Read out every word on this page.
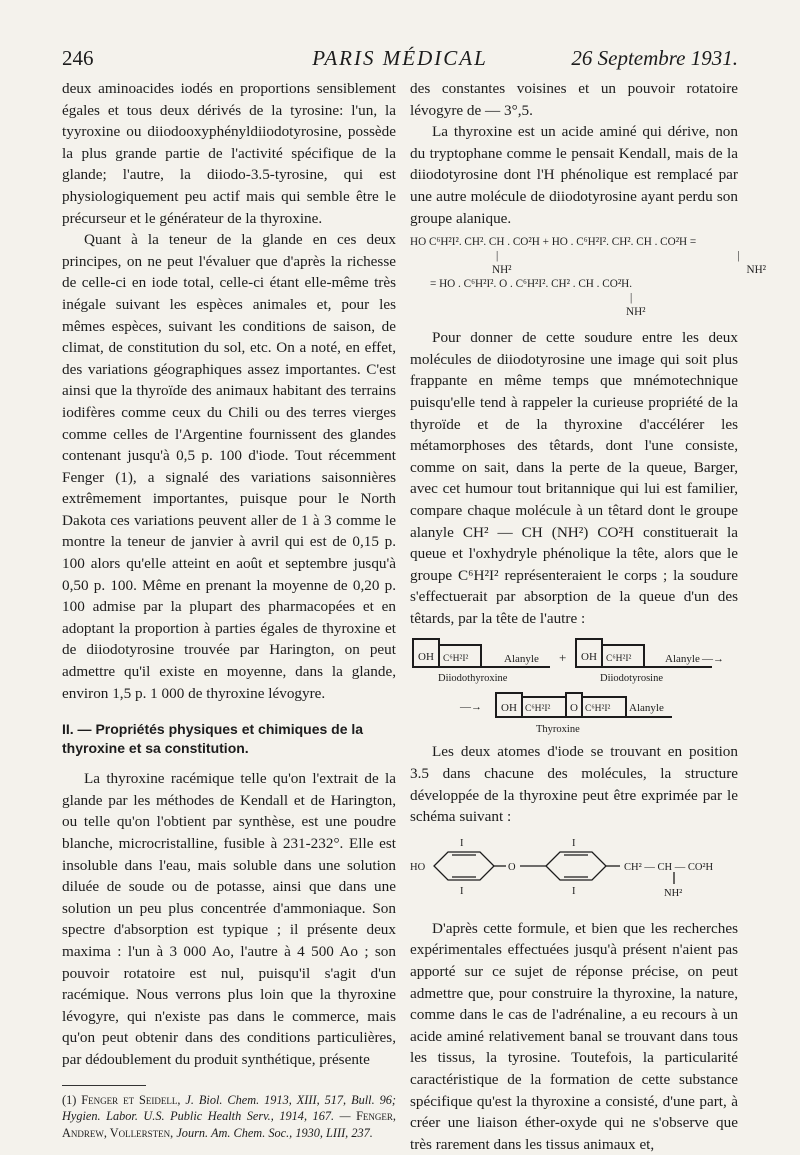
246	PARIS MÉDICAL	26 Septembre 1931.

deux aminoacides iodés en proportions sensiblement égales et tous deux dérivés de la tyrosine: l'un, la tyyroxine ou diiodooxyphényldiiodotyrosine, possède la plus grande partie de l'activité spécifique de la glande; l'autre, la diiodo-3.5-tyrosine, qui est physiologiquement peu actif mais qui semble être le précurseur et le générateur de la thyroxine.

Quant à la teneur de la glande en ces deux principes, on ne peut l'évaluer que d'après la richesse de celle-ci en iode total, celle-ci étant elle-même très inégale suivant les espèces animales et, pour les mêmes espèces, suivant les conditions de saison, de climat, de constitution du sol, etc. On a noté, en effet, des variations géographiques assez importantes. C'est ainsi que la thyroïde des animaux habitant des terrains iodifères comme ceux du Chili ou des terres vierges comme celles de l'Argentine fournissent des glandes contenant jusqu'à 0,5 p. 100 d'iode. Tout récemment Fenger (1), a signalé des variations saisonnières extrêmement importantes, puisque pour le North Dakota ces variations peuvent aller de 1 à 3 comme le montre la teneur de janvier à avril qui est de 0,15 p. 100 alors qu'elle atteint en août et septembre jusqu'à 0,50 p. 100. Même en prenant la moyenne de 0,20 p. 100 admise par la plupart des pharmacopées et en adoptant la proportion à parties égales de thyroxine et de diiodotyrosine trouvée par Harington, on peut admettre qu'il existe en moyenne, dans la glande, environ 1,5 p. 1 000 de thyroxine lévogyre.

II. — Propriétés physiques et chimiques de la thyroxine et sa constitution.

La thyroxine racémique telle qu'on l'extrait de la glande par les méthodes de Kendall et de Harington, ou telle qu'on l'obtient par synthèse, est une poudre blanche, microcristalline, fusible à 231-232°. Elle est insoluble dans l'eau, mais soluble dans une solution diluée de soude ou de potasse, ainsi que dans une solution un peu plus concentrée d'ammoniaque. Son spectre d'absorption est typique ; il présente deux maxima : l'un à 3 000 Ao, l'autre à 4 500 Ao ; son pouvoir rotatoire est nul, puisqu'il s'agit d'un racémique. Nous verrons plus loin que la thyroxine lévogyre, qui n'existe pas dans le commerce, mais qu'on peut obtenir dans des conditions particulières, par dédoublement du produit synthétique, présente

(1) Fenger et Seidell, J. Biol. Chem. 1913, XIII, 517, Bull. 96; Hygien. Labor. U.S. Public Health Serv., 1914, 167. — Fenger, Andrew, Vollersten, Journ. Am. Chem. Soc., 1930, LIII, 237.

des constantes voisines et un pouvoir rotatoire lévogyre de — 3°,5.

La thyroxine est un acide aminé qui dérive, non du tryptophane comme le pensait Kendall, mais de la diiodotyrosine dont l'H phénolique est remplacé par une autre molécule de diiodotyrosine ayant perdu son groupe alanique.

HO C⁶H²I². CH². CH . CO²H + HO . C⁶H²I². CH². CH . CO²H =
|	|
NH²	NH²
= HO . C⁶H²I². O . C⁶H²I². CH² . CH . CO²H.
|
NH²

Pour donner de cette soudure entre les deux molécules de diiodotyrosine une image qui soit plus frappante en même temps que mnémotechnique puisqu'elle tend à rappeler la curieuse propriété de la thyroïde et de la thyroxine d'accélérer les métamorphoses des têtards, dont l'une consiste, comme on sait, dans la perte de la queue, Barger, avec cet humour tout britannique qui lui est familier, compare chaque molécule à un têtard dont le groupe alanyle CH² — CH (NH²) CO²H constituerait la queue et l'oxhydryle phénolique la tête, alors que le groupe C⁶H²I² représenteraient le corps ; la soudure s'effectuerait par absorption de la queue d'un des têtards, par la tête de l'autre :

OH C⁶H²I²	Alanyle + OH C⁶H²I²	Alanyle —→
Diiodothyroxine	Diiodotyrosine
—→ OH C⁶H²I² O C⁶H²I² Alanyle
Thyroxine

Les deux atomes d'iode se trouvant en position 3.5 dans chacune des molécules, la structure développée de la thyroxine peut être exprimée par le schéma suivant :

HO
I
I
O
I
I
CH² — CH — CO²H
NH²

D'après cette formule, et bien que les recherches expérimentales effectuées jusqu'à présent n'aient pas apporté sur ce sujet de réponse précise, on peut admettre que, pour construire la thyroxine, la nature, comme dans le cas de l'adrénaline, a eu recours à un acide aminé relativement banal se trouvant dans tous les tissus, la tyrosine. Toutefois, la particularité caractéristique de la formation de cette substance spécifique qu'est la thyroxine a consisté, d'une part, à créer une liaison éther-oxyde qui ne s'observe que très rarement dans les tissus animaux et,
